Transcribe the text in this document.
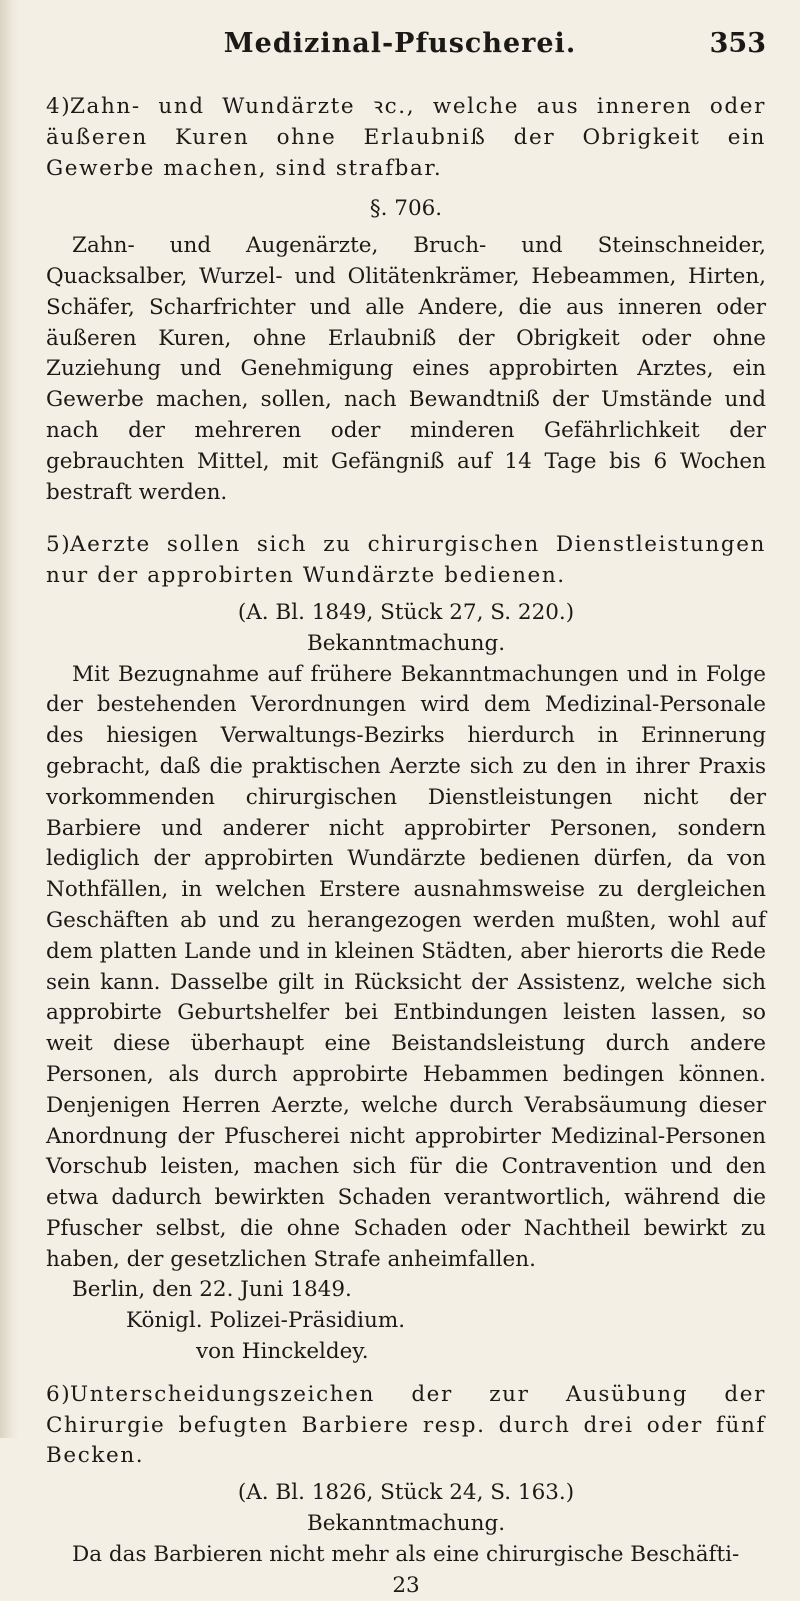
Medizinal-Pfuscherei.	353

4)Zahn- und Wundärzte ꝛc., welche aus inneren oder äußeren Kuren ohne Erlaubniß der Obrigkeit ein Gewerbe machen, sind strafbar.

§. 706.

Zahn- und Augenärzte, Bruch- und Steinschneider, Quacksalber, Wurzel- und Olitätenkrämer, Hebeammen, Hirten, Schäfer, Scharfrichter und alle Andere, die aus inneren oder äußeren Kuren, ohne Erlaubniß der Obrigkeit oder ohne Zuziehung und Genehmigung eines approbirten Arztes, ein Gewerbe machen, sollen, nach Bewandtniß der Umstände und nach der mehreren oder minderen Gefährlichkeit der gebrauchten Mittel, mit Gefängniß auf 14 Tage bis 6 Wochen bestraft werden.

5)Aerzte sollen sich zu chirurgischen Dienstleistungen nur der approbirten Wundärzte bedienen.

(A. Bl. 1849, Stück 27, S. 220.)

Bekanntmachung.

Mit Bezugnahme auf frühere Bekanntmachungen und in Folge der bestehenden Verordnungen wird dem Medizinal-Personale des hiesigen Verwaltungs-Bezirks hierdurch in Erinnerung gebracht, daß die praktischen Aerzte sich zu den in ihrer Praxis vorkommenden chirurgischen Dienstleistungen nicht der Barbiere und anderer nicht approbirter Personen, sondern lediglich der approbirten Wundärzte bedienen dürfen, da von Nothfällen, in welchen Erstere ausnahmsweise zu dergleichen Geschäften ab und zu herangezogen werden mußten, wohl auf dem platten Lande und in kleinen Städten, aber hierorts die Rede sein kann. Dasselbe gilt in Rücksicht der Assistenz, welche sich approbirte Geburtshelfer bei Entbindungen leisten lassen, so weit diese überhaupt eine Beistandsleistung durch andere Personen, als durch approbirte Hebammen bedingen können. Denjenigen Herren Aerzte, welche durch Verabsäumung dieser Anordnung der Pfuscherei nicht approbirter Medizinal-Personen Vorschub leisten, machen sich für die Contravention und den etwa dadurch bewirkten Schaden verantwortlich, während die Pfuscher selbst, die ohne Schaden oder Nachtheil bewirkt zu haben, der gesetzlichen Strafe anheimfallen.

Berlin, den 22. Juni 1849.

Königl. Polizei-Präsidium.

von Hinckeldey.

6)Unterscheidungszeichen der zur Ausübung der Chirurgie befugten Barbiere resp. durch drei oder fünf Becken.

(A. Bl. 1826, Stück 24, S. 163.)

Bekanntmachung.

Da das Barbieren nicht mehr als eine chirurgische Beschäfti-

23
